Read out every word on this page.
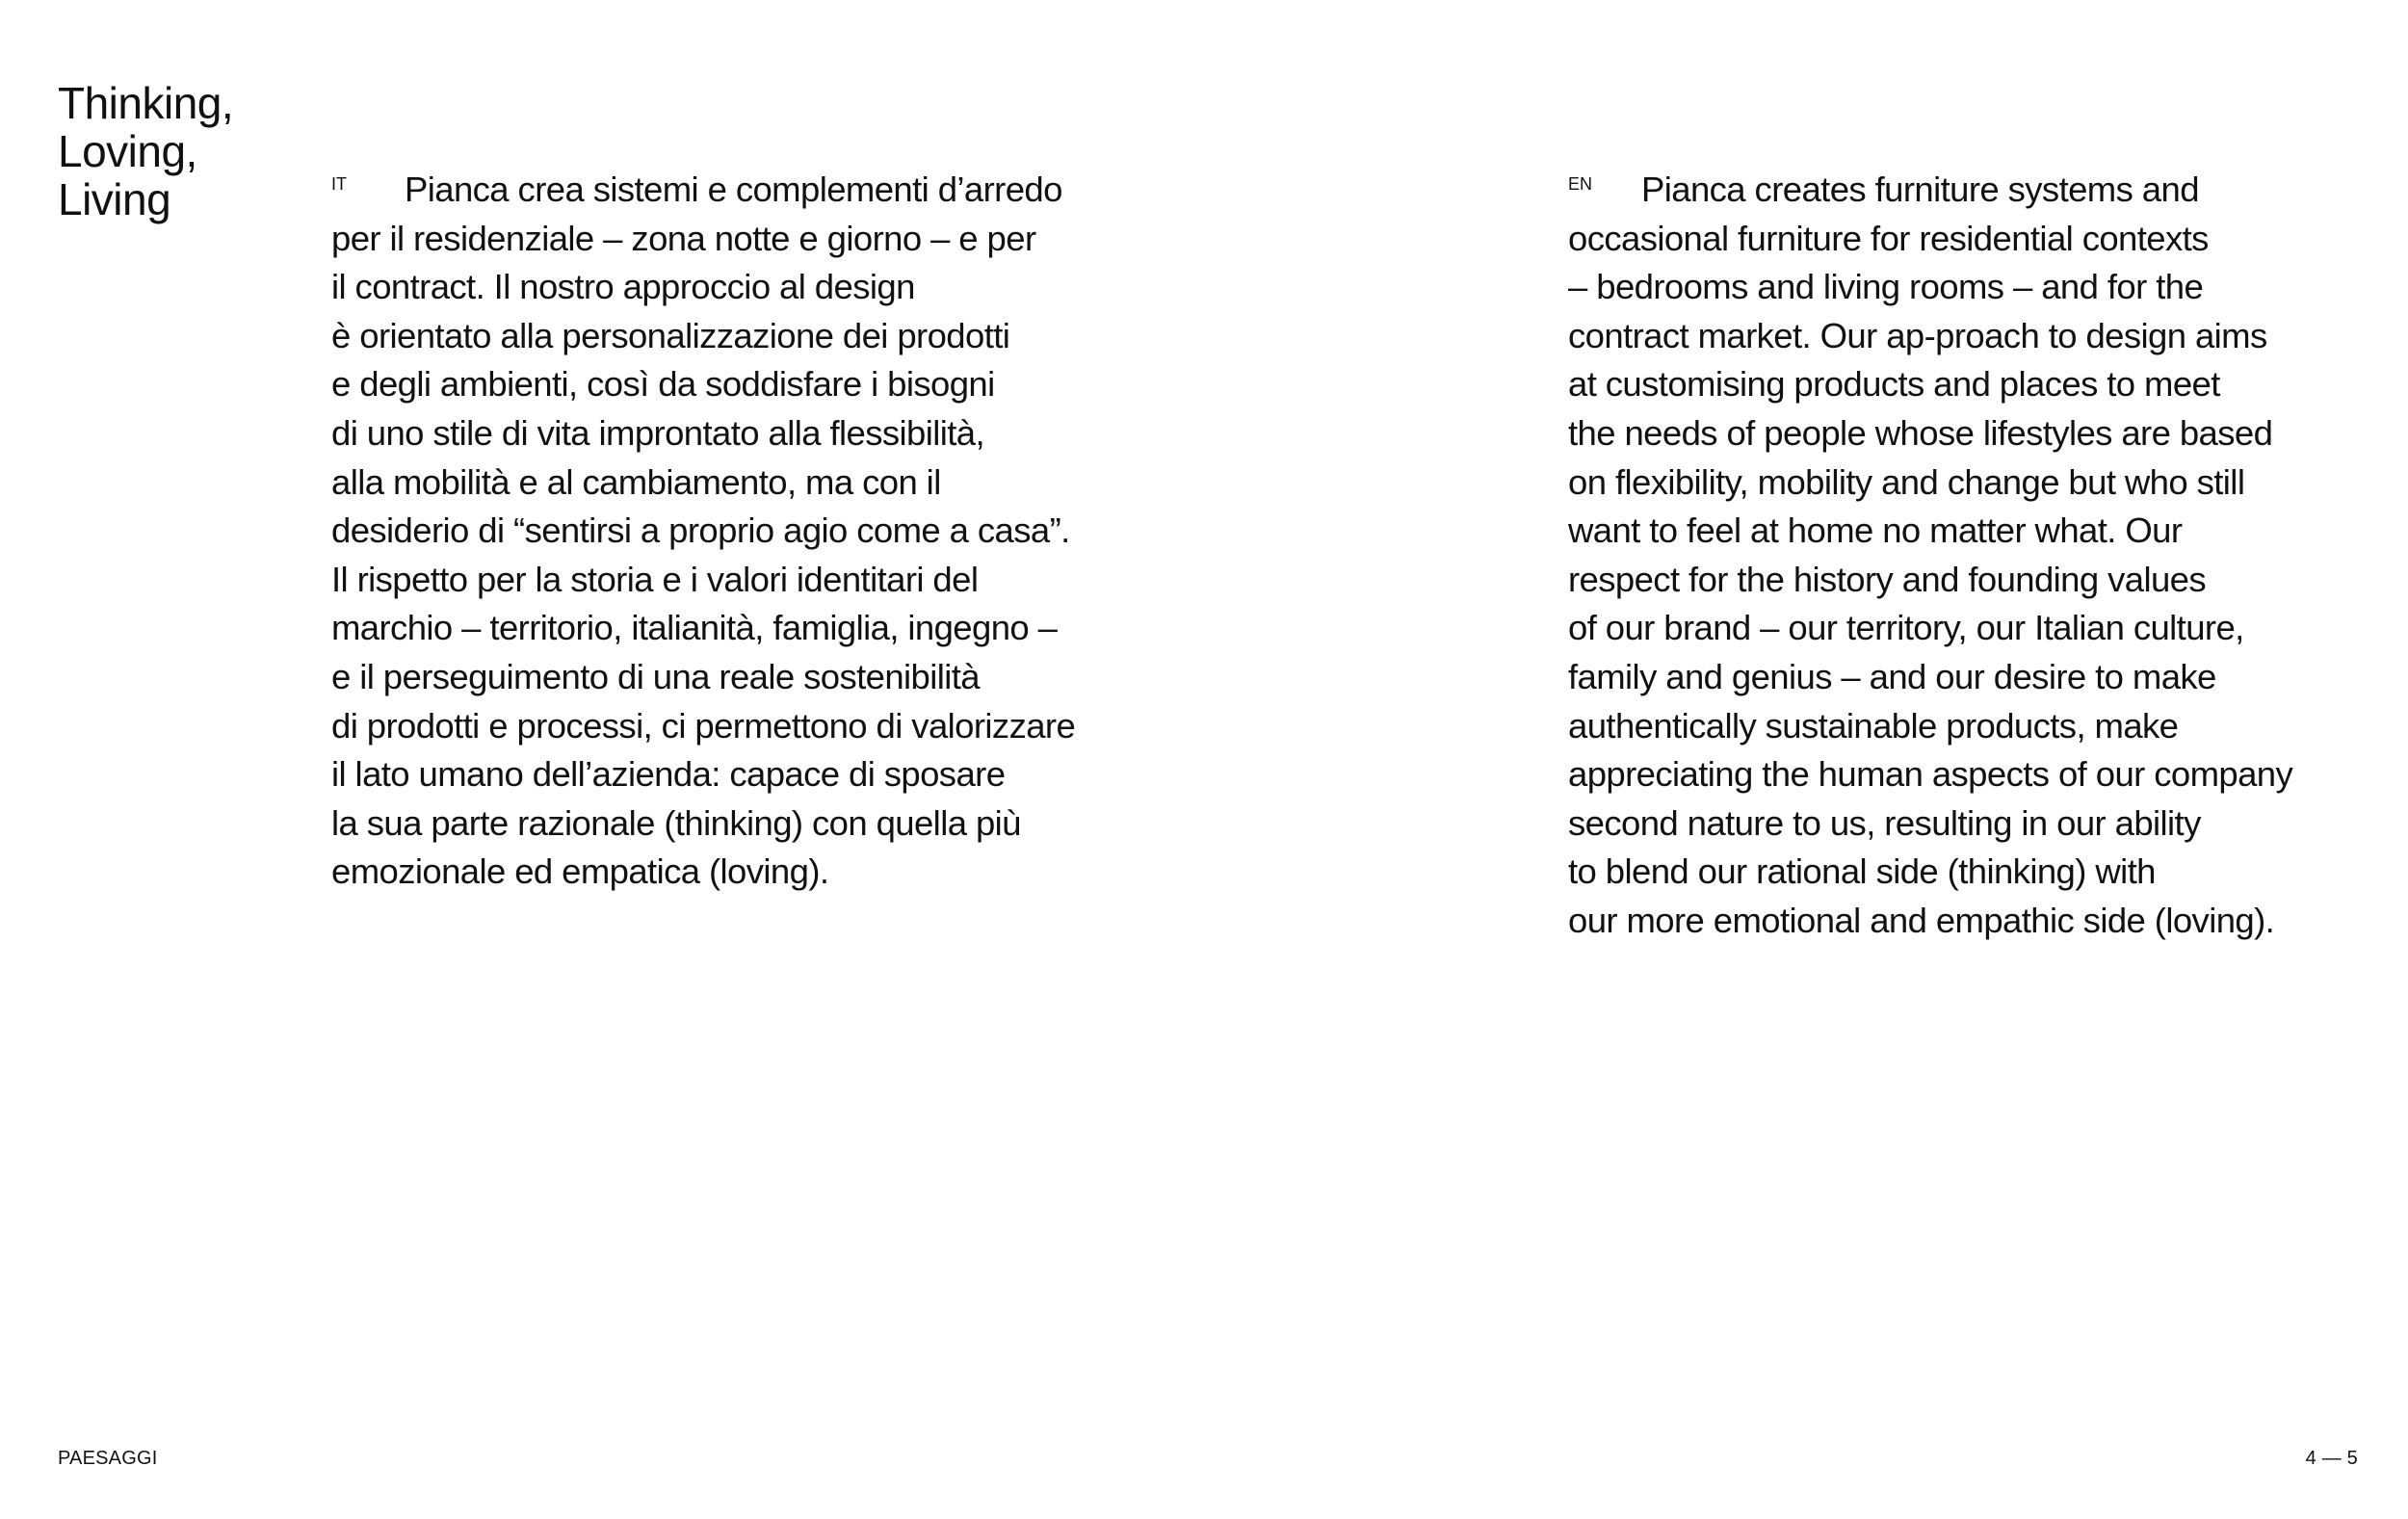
Thinking,
Loving,
Living	IT Pianca crea sistemi e complementi d’arredo
per il residenziale – zona notte e giorno – e per
il contract. Il nostro approccio al design
è orientato alla personalizzazione dei prodotti
e degli ambienti, così da soddisfare i bisogni
di uno stile di vita improntato alla flessibilità,
alla mobilità e al cambiamento, ma con il
desiderio di “sentirsi a proprio agio come a casa”.
Il rispetto per la storia e i valori identitari del
marchio – territorio, italianità, famiglia, ingegno –
e il perseguimento di una reale sostenibilità
di prodotti e processi, ci permettono di valorizzare
il lato umano dell’azienda: capace di sposare
la sua parte razionale (thinking) con quella più
emozionale ed empatica (loving).
EN Pianca creates furniture systems and
occasional furniture for residential contexts
– bedrooms and living rooms – and for the
contract market. Our ap-proach to design aims
at customising products and places to meet
the needs of people whose lifestyles are based
on flexibility, mobility and change but who still
want to feel at home no matter what. Our
respect for the history and founding values
of our brand – our territory, our Italian culture,
family and genius – and our desire to make
authentically sustainable products, make
appreciating the human aspects of our company
second nature to us, resulting in our ability
to blend our rational side (thinking) with
our more emotional and empathic side (loving).
PAESAGGI	4 — 5
